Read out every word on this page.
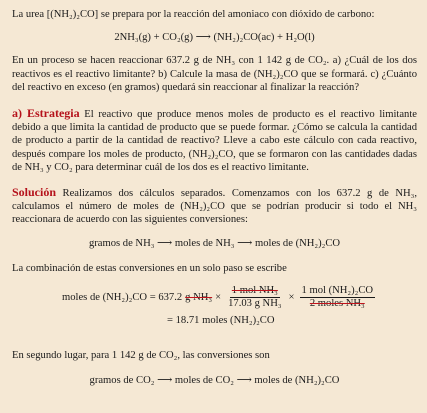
La urea [(NH₂)₂CO] se prepara por la reacción del amoniaco con dióxido de carbono:

2NH₃(g) + CO₂(g) ⟶ (NH₂)₂CO(ac) + H₂O(l)

En un proceso se hacen reaccionar 637.2 g de NH₃ con 1 142 g de CO₂. a) ¿Cuál de los dos reactivos es el reactivo limitante? b) Calcule la masa de (NH₂)₂CO que se formará. c) ¿Cuánto del reactivo en exceso (en gramos) quedará sin reaccionar al finalizar la reacción?

a) Estrategia El reactivo que produce menos moles de producto es el reactivo limitante debido a que limita la cantidad de producto que se puede formar. ¿Cómo se calcula la cantidad de producto a partir de la cantidad de reactivo? Lleve a cabo este cálculo con cada reactivo, después compare los moles de producto, (NH₂)₂CO, que se formaron con las cantidades dadas de NH₃ y CO₂ para determinar cuál de los dos es el reactivo limitante.

Solución Realizamos dos cálculos separados. Comenzamos con los 637.2 g de NH₃, calculamos el número de moles de (NH₂)₂CO que se podrían producir si todo el NH₃ reaccionara de acuerdo con las siguientes conversiones:

gramos de NH₃ ⟶ moles de NH₃ ⟶ moles de (NH₂)₂CO

La combinación de estas conversiones en un solo paso se escribe

moles de (NH₂)₂CO = 637.2 g $NH_3 \times \frac{\text{1 mol NH₃}}{\text{17.03 g NH₃}} \times \frac{\text{1 mol (NH₂)₂CO}}{\text{2 moles NH₃}}$

= 18.71 moles (NH₂)₂CO

En segundo lugar, para 1 142 g de CO₂, las conversiones son

gramos de CO₂ ⟶ moles de CO₂ ⟶ moles de (NH₂)₂CO
